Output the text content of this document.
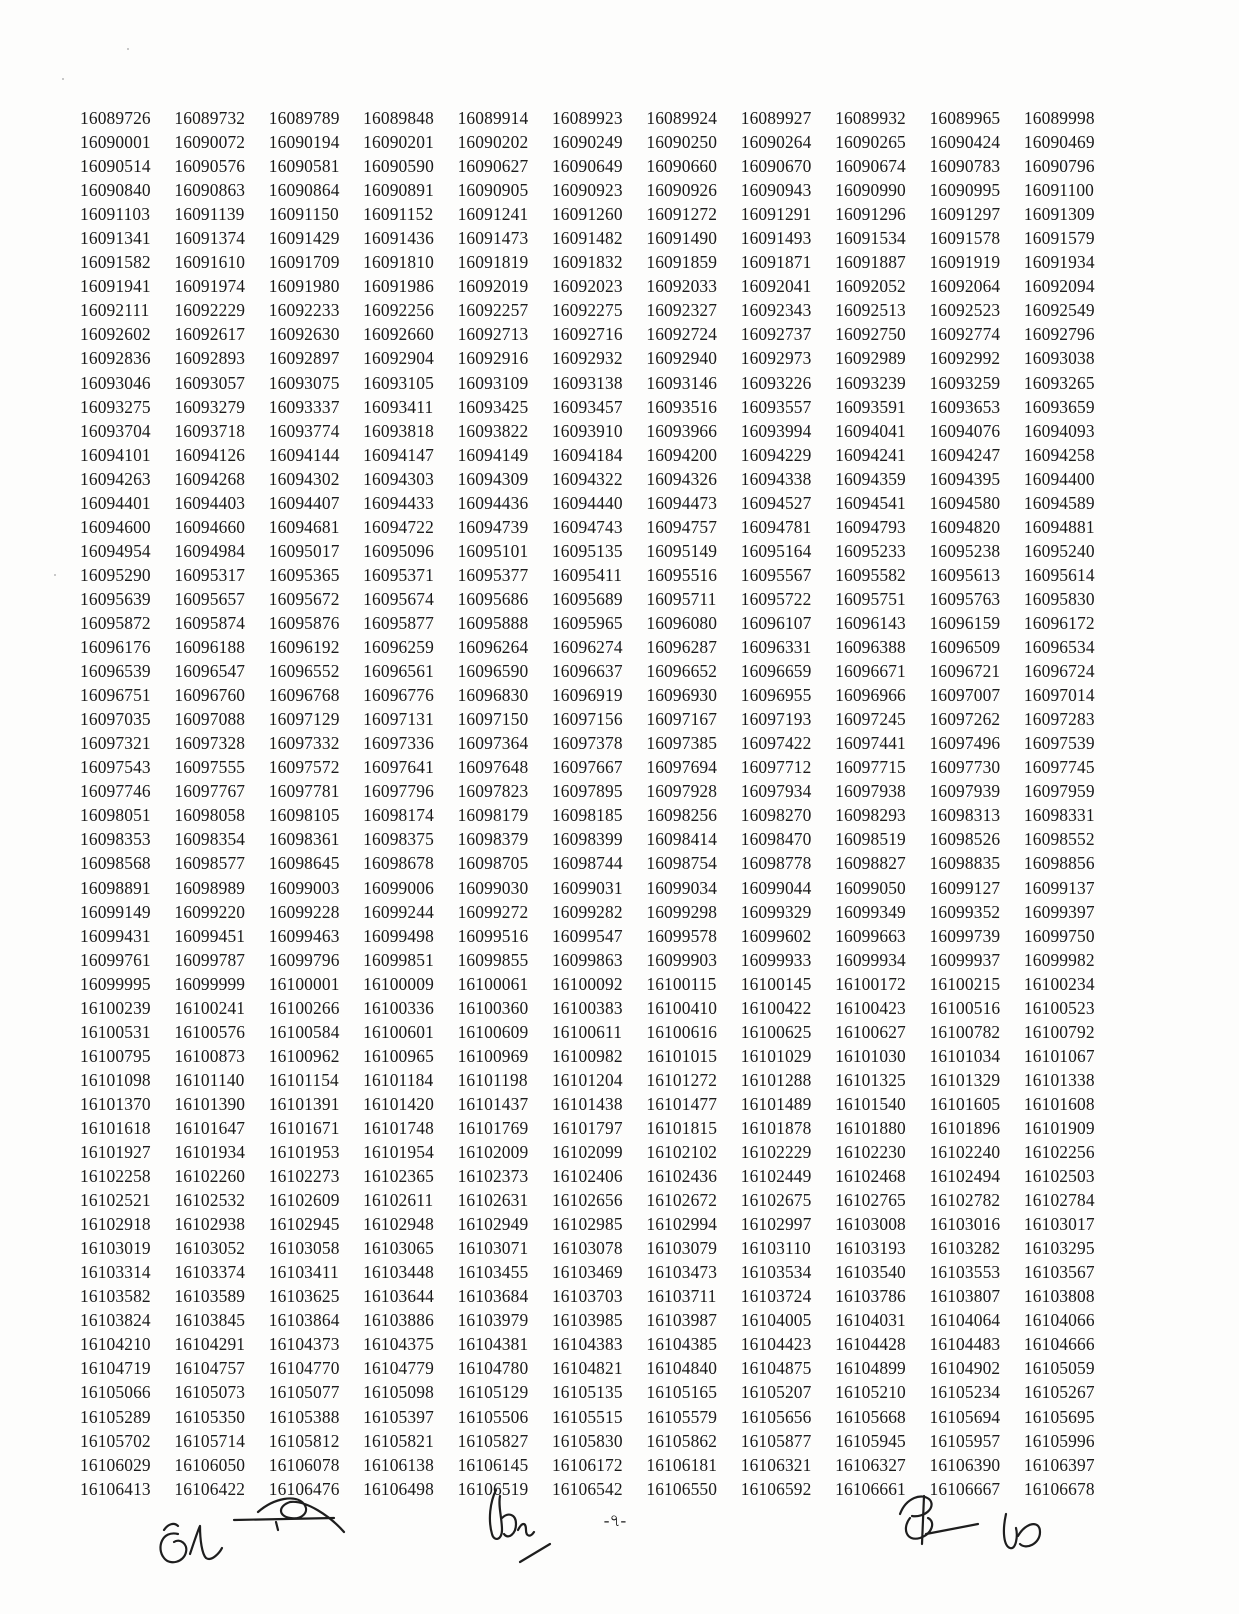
16089726	16089732	16089789	16089848	16089914	16089923	16089924	16089927	16089932	16089965	16089998
16090001	16090072	16090194	16090201	16090202	16090249	16090250	16090264	16090265	16090424	16090469
16090514	16090576	16090581	16090590	16090627	16090649	16090660	16090670	16090674	16090783	16090796
16090840	16090863	16090864	16090891	16090905	16090923	16090926	16090943	16090990	16090995	16091100
16091103	16091139	16091150	16091152	16091241	16091260	16091272	16091291	16091296	16091297	16091309
16091341	16091374	16091429	16091436	16091473	16091482	16091490	16091493	16091534	16091578	16091579
16091582	16091610	16091709	16091810	16091819	16091832	16091859	16091871	16091887	16091919	16091934
16091941	16091974	16091980	16091986	16092019	16092023	16092033	16092041	16092052	16092064	16092094
16092111	16092229	16092233	16092256	16092257	16092275	16092327	16092343	16092513	16092523	16092549
16092602	16092617	16092630	16092660	16092713	16092716	16092724	16092737	16092750	16092774	16092796
16092836	16092893	16092897	16092904	16092916	16092932	16092940	16092973	16092989	16092992	16093038
16093046	16093057	16093075	16093105	16093109	16093138	16093146	16093226	16093239	16093259	16093265
16093275	16093279	16093337	16093411	16093425	16093457	16093516	16093557	16093591	16093653	16093659
16093704	16093718	16093774	16093818	16093822	16093910	16093966	16093994	16094041	16094076	16094093
16094101	16094126	16094144	16094147	16094149	16094184	16094200	16094229	16094241	16094247	16094258
16094263	16094268	16094302	16094303	16094309	16094322	16094326	16094338	16094359	16094395	16094400
16094401	16094403	16094407	16094433	16094436	16094440	16094473	16094527	16094541	16094580	16094589
16094600	16094660	16094681	16094722	16094739	16094743	16094757	16094781	16094793	16094820	16094881
16094954	16094984	16095017	16095096	16095101	16095135	16095149	16095164	16095233	16095238	16095240
16095290	16095317	16095365	16095371	16095377	16095411	16095516	16095567	16095582	16095613	16095614
16095639	16095657	16095672	16095674	16095686	16095689	16095711	16095722	16095751	16095763	16095830
16095872	16095874	16095876	16095877	16095888	16095965	16096080	16096107	16096143	16096159	16096172
16096176	16096188	16096192	16096259	16096264	16096274	16096287	16096331	16096388	16096509	16096534
16096539	16096547	16096552	16096561	16096590	16096637	16096652	16096659	16096671	16096721	16096724
16096751	16096760	16096768	16096776	16096830	16096919	16096930	16096955	16096966	16097007	16097014
16097035	16097088	16097129	16097131	16097150	16097156	16097167	16097193	16097245	16097262	16097283
16097321	16097328	16097332	16097336	16097364	16097378	16097385	16097422	16097441	16097496	16097539
16097543	16097555	16097572	16097641	16097648	16097667	16097694	16097712	16097715	16097730	16097745
16097746	16097767	16097781	16097796	16097823	16097895	16097928	16097934	16097938	16097939	16097959
16098051	16098058	16098105	16098174	16098179	16098185	16098256	16098270	16098293	16098313	16098331
16098353	16098354	16098361	16098375	16098379	16098399	16098414	16098470	16098519	16098526	16098552
16098568	16098577	16098645	16098678	16098705	16098744	16098754	16098778	16098827	16098835	16098856
16098891	16098989	16099003	16099006	16099030	16099031	16099034	16099044	16099050	16099127	16099137
16099149	16099220	16099228	16099244	16099272	16099282	16099298	16099329	16099349	16099352	16099397
16099431	16099451	16099463	16099498	16099516	16099547	16099578	16099602	16099663	16099739	16099750
16099761	16099787	16099796	16099851	16099855	16099863	16099903	16099933	16099934	16099937	16099982
16099995	16099999	16100001	16100009	16100061	16100092	16100115	16100145	16100172	16100215	16100234
16100239	16100241	16100266	16100336	16100360	16100383	16100410	16100422	16100423	16100516	16100523
16100531	16100576	16100584	16100601	16100609	16100611	16100616	16100625	16100627	16100782	16100792
16100795	16100873	16100962	16100965	16100969	16100982	16101015	16101029	16101030	16101034	16101067
16101098	16101140	16101154	16101184	16101198	16101204	16101272	16101288	16101325	16101329	16101338
16101370	16101390	16101391	16101420	16101437	16101438	16101477	16101489	16101540	16101605	16101608
16101618	16101647	16101671	16101748	16101769	16101797	16101815	16101878	16101880	16101896	16101909
16101927	16101934	16101953	16101954	16102009	16102099	16102102	16102229	16102230	16102240	16102256
16102258	16102260	16102273	16102365	16102373	16102406	16102436	16102449	16102468	16102494	16102503
16102521	16102532	16102609	16102611	16102631	16102656	16102672	16102675	16102765	16102782	16102784
16102918	16102938	16102945	16102948	16102949	16102985	16102994	16102997	16103008	16103016	16103017
16103019	16103052	16103058	16103065	16103071	16103078	16103079	16103110	16103193	16103282	16103295
16103314	16103374	16103411	16103448	16103455	16103469	16103473	16103534	16103540	16103553	16103567
16103582	16103589	16103625	16103644	16103684	16103703	16103711	16103724	16103786	16103807	16103808
16103824	16103845	16103864	16103886	16103979	16103985	16103987	16104005	16104031	16104064	16104066
16104210	16104291	16104373	16104375	16104381	16104383	16104385	16104423	16104428	16104483	16104666
16104719	16104757	16104770	16104779	16104780	16104821	16104840	16104875	16104899	16104902	16105059
16105066	16105073	16105077	16105098	16105129	16105135	16105165	16105207	16105210	16105234	16105267
16105289	16105350	16105388	16105397	16105506	16105515	16105579	16105656	16105668	16105694	16105695
16105702	16105714	16105812	16105821	16105827	16105830	16105862	16105877	16105945	16105957	16105996
16106029	16106050	16106078	16106138	16106145	16106172	16106181	16106321	16106327	16106390	16106397
16106413	16106422	16106476	16106498	16106519	16106542	16106550	16106592	16106661	16106667	16106678
-৭-
